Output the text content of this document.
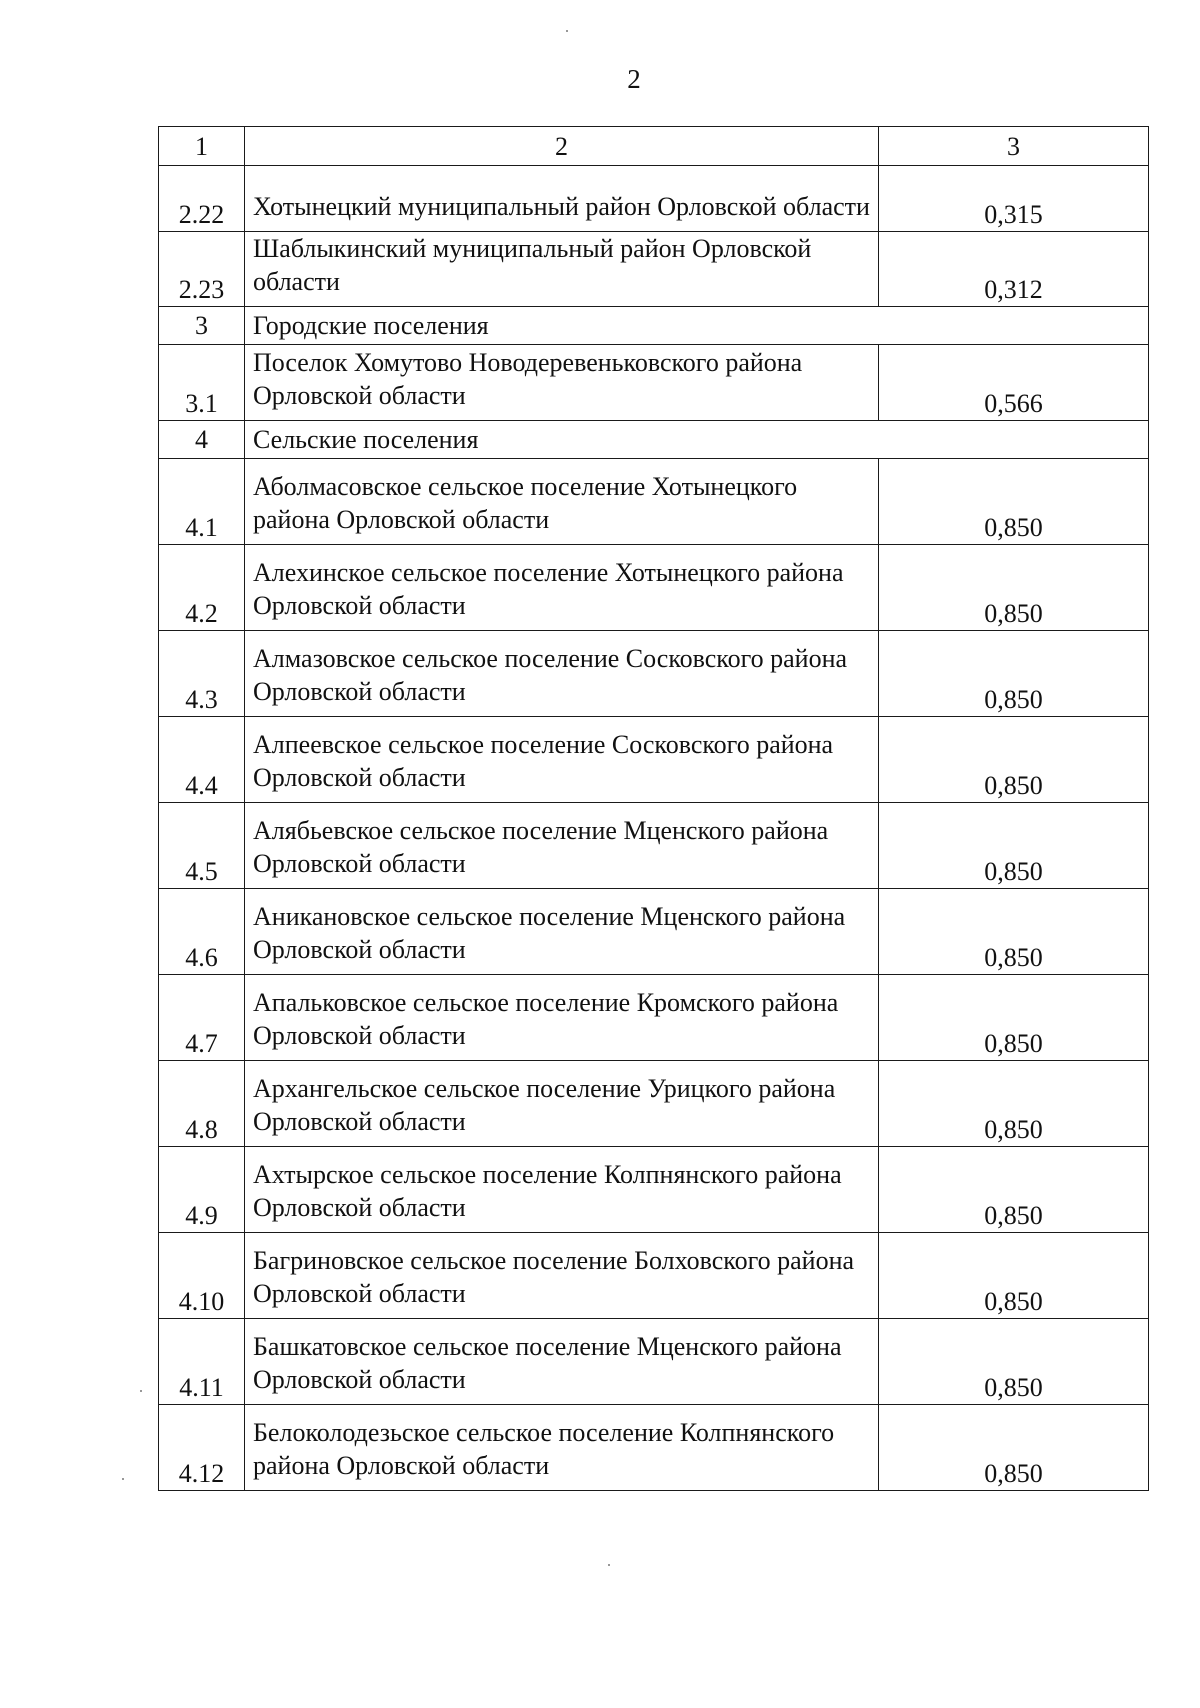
2
1	2	3
2.22	Хотынецкий муниципальный район Орловской области	0,315
2.23	Шаблыкинский муниципальный район Орловской области	0,312
3	Городские поселения	

3.1	Поселок Хомутово Новодеревеньковского района Орловской области	0,566
4	Сельские поселения	

4.1	Аболмасовское сельское поселение Хотынецкого района Орловской области	0,850
4.2	Алехинское сельское поселение Хотынецкого района Орловской области	0,850
4.3	Алмазовское сельское поселение Сосковского района Орловской области	0,850
4.4	Алпеевское сельское поселение Сосковского района Орловской области	0,850
4.5	Алябьевское сельское поселение Мценского района Орловской области	0,850
4.6	Аникановское сельское поселение Мценского района Орловской области	0,850
4.7	Апальковское сельское поселение Кромского района Орловской области	0,850
4.8	Архангельское сельское поселение Урицкого района Орловской области	0,850
4.9	Ахтырское сельское поселение Колпнянского района Орловской области	0,850
4.10	Багриновское сельское поселение Болховского района Орловской области	0,850
4.11	Башкатовское сельское поселение Мценского района Орловской области	0,850
4.12	Белоколодезьское сельское поселение Колпнянского района Орловской области	0,850
